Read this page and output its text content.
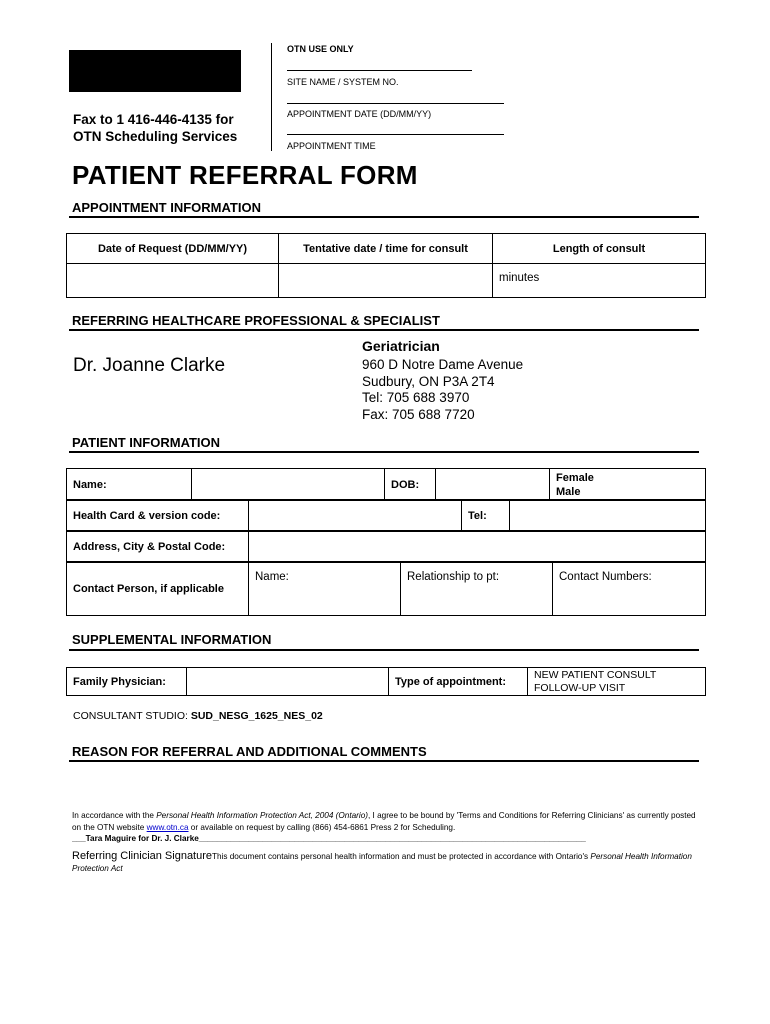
Fax to 1 416-446-4135 for
OTN Scheduling Services
OTN USE ONLY
SITE NAME / SYSTEM NO.
APPOINTMENT DATE (DD/MM/YY)
APPOINTMENT TIME
PATIENT REFERRAL FORM
APPOINTMENT INFORMATION
Date of Request (DD/MM/YY)	Tentative date / time for consult	Length of consult
		minutes
REFERRING HEALTHCARE PROFESSIONAL & SPECIALIST
Dr. Joanne Clarke
Geriatrician
960 D Notre Dame Avenue
Sudbury, ON P3A 2T4
Tel: 705 688 3970
Fax: 705 688 7720
PATIENT INFORMATION
Name:		DOB:		
Female
Male
Health Card & version code:		Tel:	
Address, City & Postal Code:	
Contact Person, if applicable	Name:	Relationship to pt:	Contact Numbers:
SUPPLEMENTAL INFORMATION
Family Physician:		Type of appointment:	
NEW PATIENT CONSULT
FOLLOW-UP VISIT
CONSULTANT STUDIO: SUD_NESG_1625_NES_02
REASON FOR REFERRAL AND ADDITIONAL COMMENTS
In accordance with the Personal Health Information Protection Act, 2004 (Ontario), I agree to be bound by 'Terms and Conditions for Referring Clinicians' as currently posted on the OTN website www.otn.ca or available on request by calling (866) 454-6861 Press 2 for Scheduling.
___Tara Maguire for Dr. J. Clarke_____________________________________________________________________________________
Referring Clinician SignatureThis document contains personal health information and must be protected in accordance with Ontario's Personal Health Information Protection Act
